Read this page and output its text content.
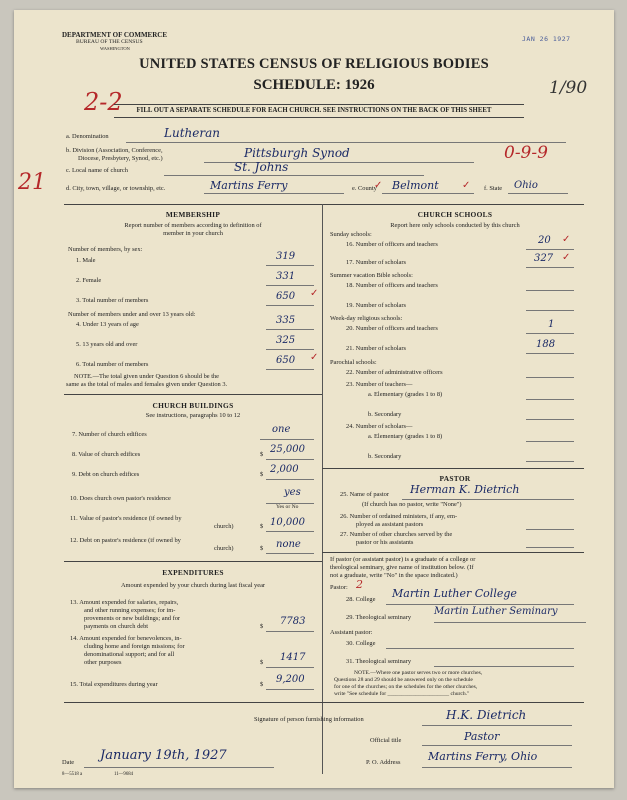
DEPARTMENT OF COMMERCE
BUREAU OF THE CENSUS
WASHINGTON
JAN 26 1927
UNITED STATES CENSUS OF RELIGIOUS BODIES
SCHEDULE: 1926
2-2	1/90
FILL OUT A SEPARATE SCHEDULE FOR EACH CHURCH. SEE INSTRUCTIONS ON THE BACK OF THIS SHEET
a. Denomination	Lutheran
b. Division (Association, Conference,
Diocese, Presbytery, Synod, etc.)	Pittsburgh Synod	0-9-9
c. Local name of church	St. Johns
21	d. City, town, village, or township, etc.	Martins Ferry	e. County Belmont	f. State Ohio
MEMBERSHIP
Report number of members according to definition of
member in your church
Number of members, by sex:
1. Male	319
2. Female	331
3. Total number of members	650
Number of members under and over 13 years old:
4. Under 13 years of age	335
5. 13 years old and over	325
6. Total number of members	650
NOTE.—The total given under Question 6 should be the
same as the total of males and females given under Question 3.
CHURCH BUILDINGS
See instructions, paragraphs 10 to 12
7. Number of church edifices	one
8. Value of church edifices	$ 25,000
9. Debt on church edifices	$ 2,000
10. Does church own pastor's residence
yes
Yes or No
11. Value of pastor's residence (if owned by
church)	$ 10,000
12. Debt on pastor's residence (if owned by
church)	$ none
EXPENDITURES
Amount expended by your church during last fiscal year
13. Amount expended for salaries, repairs,
and other running expenses; for im-
provements or new buildings; and for
payments on church debt	$ 7783
14. Amount expended for benevolences, in-
cluding home and foreign missions; for
denominational support; and for all
other purposes	$ 1417
15. Total expenditures during year	$ 9,200
CHURCH SCHOOLS
Report here only schools conducted by this church
Sunday schools:
16. Number of officers and teachers	20
17. Number of scholars	327
Summer vacation Bible schools:
18. Number of officers and teachers
19. Number of scholars
Week-day religious schools:
20. Number of officers and teachers	1
21. Number of scholars	188
Parochial schools:
22. Number of administrative officers
23. Number of teachers—
a. Elementary (grades 1 to 8)
b. Secondary
24. Number of scholars—
a. Elementary (grades 1 to 8)
b. Secondary
PASTOR
25. Name of pastor Herman K. Dietrich
(If church has no pastor, write "None")
26. Number of ordained ministers, if any, em-
ployed as assistant pastors
27. Number of other churches served by the
pastor or his assistants
If pastor (or assistant pastor) is a graduate of a college or
theological seminary, give name of institution below. (If
not a graduate, write "No" in the space indicated.)
Pastor: 2
28. College Martin Luther College
29. Theological seminary
Martin Luther Seminary
Assistant pastor:
30. College
31. Theological seminary
NOTE.—Where one pastor serves two or more churches,
Questions 28 and 29 should be answered only on the schedule
for one of the churches; on the schedules for the other churches,
write "See schedule for ______________________ church."
Signature of person furnishing information	H.K. Dietrich
Official title	Pastor
Date January 19th, 1927	P. O. Address	Martins Ferry, Ohio
8—5518 a	11—9684
✓
✓
✓
✓
✓	✓
